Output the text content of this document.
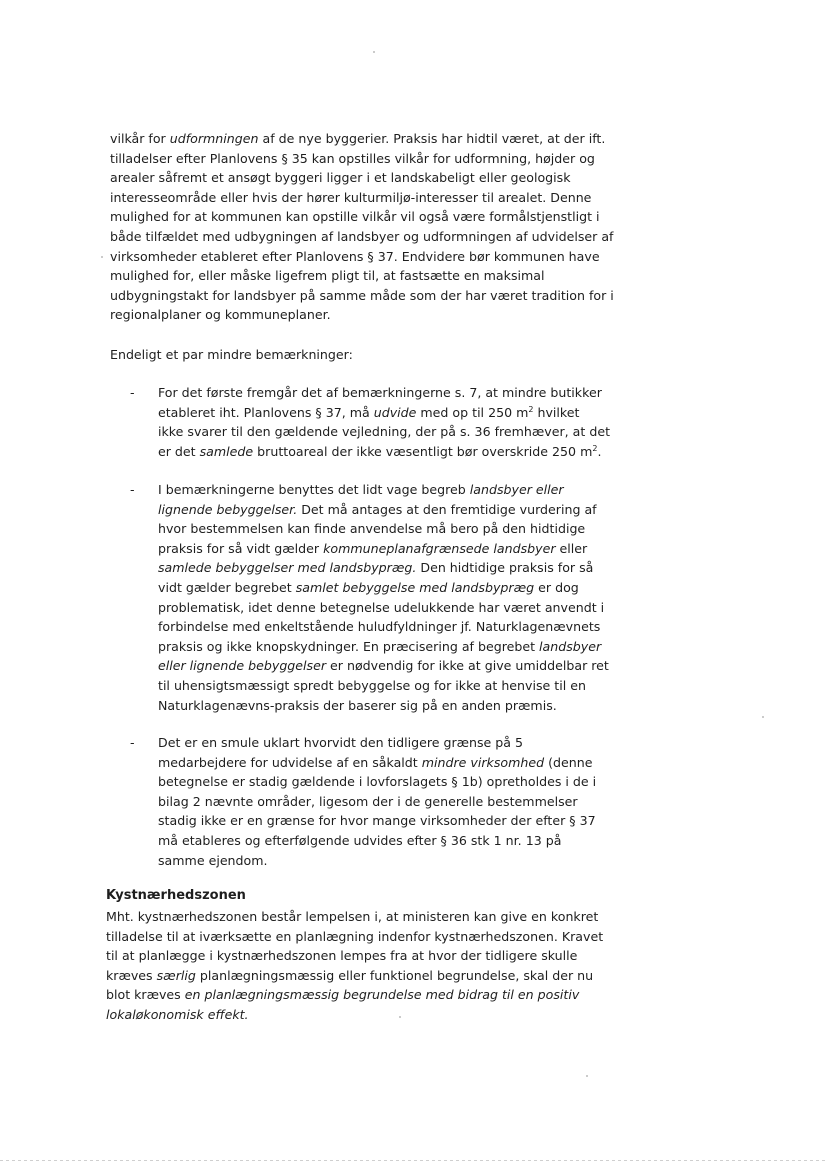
vilkår for udformningen af de nye byggerier. Praksis har hidtil været, at der ift.
tilladelser efter Planlovens § 35 kan opstilles vilkår for udformning, højder og
arealer såfremt et ansøgt byggeri ligger i et landskabeligt eller geologisk
interesseområde eller hvis der hører kulturmiljø-interesser til arealet. Denne
mulighed for at kommunen kan opstille vilkår vil også være formålstjenstligt i
både tilfældet med udbygningen af landsbyer og udformningen af udvidelser af
virksomheder etableret efter Planlovens § 37. Endvidere bør kommunen have
mulighed for, eller måske ligefrem pligt til, at fastsætte en maksimal
udbygningstakt for landsbyer på samme måde som der har været tradition for i
regionalplaner og kommuneplaner.

Endeligt et par mindre bemærkninger:

- For det første fremgår det af bemærkningerne s. 7, at mindre butikker
etableret iht. Planlovens § 37, må udvide med op til 250 $m^2$ hvilket
ikke svarer til den gældende vejledning, der på s. 36 fremhæver, at det
er det samlede bruttoareal der ikke væsentligt bør overskride 250 $m^2$.
- I bemærkningerne benyttes det lidt vage begreb landsbyer eller
lignende bebyggelser. Det må antages at den fremtidige vurdering af
hvor bestemmelsen kan finde anvendelse må bero på den hidtidige
praksis for så vidt gælder kommuneplanafgrænsede landsbyer eller
samlede bebyggelser med landsbypræg. Den hidtidige praksis for så
vidt gælder begrebet samlet bebyggelse med landsbypræg er dog
problematisk, idet denne betegnelse udelukkende har været anvendt i
forbindelse med enkeltstående huludfyldninger jf. Naturklagenævnets
praksis og ikke knopskydninger. En præcisering af begrebet landsbyer
eller lignende bebyggelser er nødvendig for ikke at give umiddelbar ret
til uhensigtsmæssigt spredt bebyggelse og for ikke at henvise til en
Naturklagenævns-praksis der baserer sig på en anden præmis.
- Det er en smule uklart hvorvidt den tidligere grænse på 5
medarbejdere for udvidelse af en såkaldt mindre virksomhed (denne
betegnelse er stadig gældende i lovforslagets § 1b) opretholdes i de i
bilag 2 nævnte områder, ligesom der i de generelle bestemmelser
stadig ikke er en grænse for hvor mange virksomheder der efter § 37
må etableres og efterfølgende udvides efter § 36 stk 1 nr. 13 på
samme ejendom.

Kystnærhedszonen

Mht. kystnærhedszonen består lempelsen i, at ministeren kan give en konkret
tilladelse til at iværksætte en planlægning indenfor kystnærhedszonen. Kravet
til at planlægge i kystnærhedszonen lempes fra at hvor der tidligere skulle
kræves særlig planlægningsmæssig eller funktionel begrundelse, skal der nu
blot kræves en planlægningsmæssig begrundelse med bidrag til en positiv
lokaløkonomisk effekt.
